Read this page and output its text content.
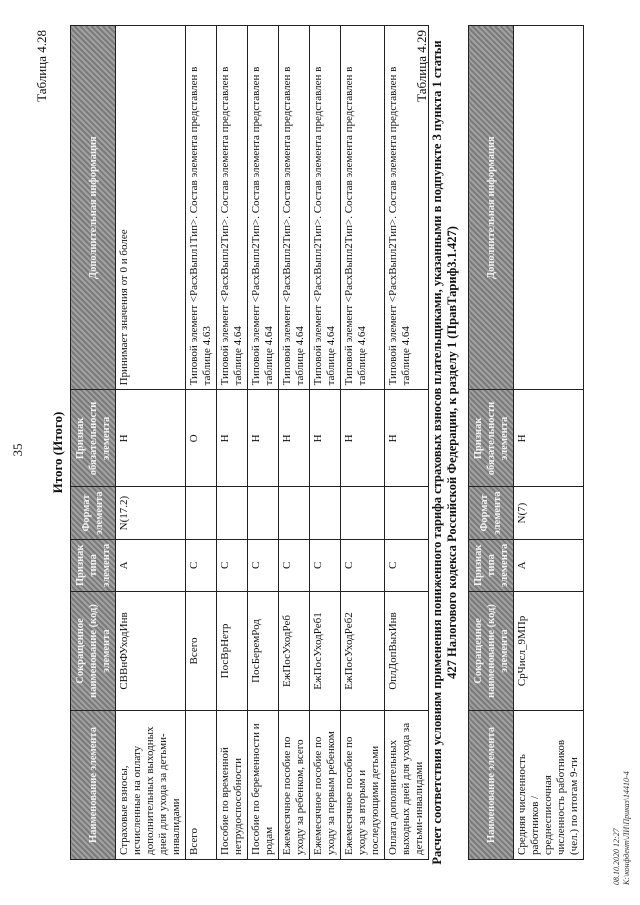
35
Таблица 4.28
Итого (Итого)
Наименование элемента	Сокращенное наименование (код) элемента	Признак типа элемента	Формат элемента	Признак обязательности элемента	Дополнительная информация
Страховые взносы, исчисленные на оплату дополнительных выходных дней для ухода за детьми-инвалидами	СВВнФУходИнв	А	N(17.2)	Н	Принимает значения от 0 и более
Всего	Всего	С		О	Типовой элемент <РасхВыпл1Тип>. Состав элемента представлен в таблице 4.63
Пособие по временной нетрудоспособности	ПосВрНетр	С		Н	Типовой элемент <РасхВыпл2Тип>. Состав элемента представлен в таблице 4.64
Пособие по беременности и родам	ПосБеремРод	С		Н	Типовой элемент <РасхВыпл2Тип>. Состав элемента представлен в таблице 4.64
Ежемесячное пособие по уходу за ребенком, всего	ЕжПосУходРеб	С		Н	Типовой элемент <РасхВыпл2Тип>. Состав элемента представлен в таблице 4.64
Ежемесячное пособие по уходу за первым ребенком	ЕжПосУходРеб1	С		Н	Типовой элемент <РасхВыпл2Тип>. Состав элемента представлен в таблице 4.64
Ежемесячное пособие по уходу за вторым и последующими детьми	ЕжПосУходРеб2	С		Н	Типовой элемент <РасхВыпл2Тип>. Состав элемента представлен в таблице 4.64
Оплата дополнительных выходных дней для ухода за детьми-инвалидами	ОплДопВыхИнв	С		Н	Типовой элемент <РасхВыпл2Тип>. Состав элемента представлен в таблице 4.64
Таблица 4.29 Расчет соответствия условиям применения пониженного тарифа страховых взносов плательщиками, указанными в подпункте 3 пункта 1 статьи 427 Налогового кодекса Российской Федерации, к разделу 1 (ПравТариф3.1.427)
Наименование элемента	Сокращенное наименование (код) элемента	Признак типа элемента	Формат элемента	Признак обязательности элемента	Дополнительная информация
Средняя численность работников / среднесписочная численность работников (чел.) по итогам 9-ти	СрЧисл_9МПр	А	N(7)	Н	
08.10.2020 12:27 К:\конфдент\ЛИ\Приказ\14410-4
